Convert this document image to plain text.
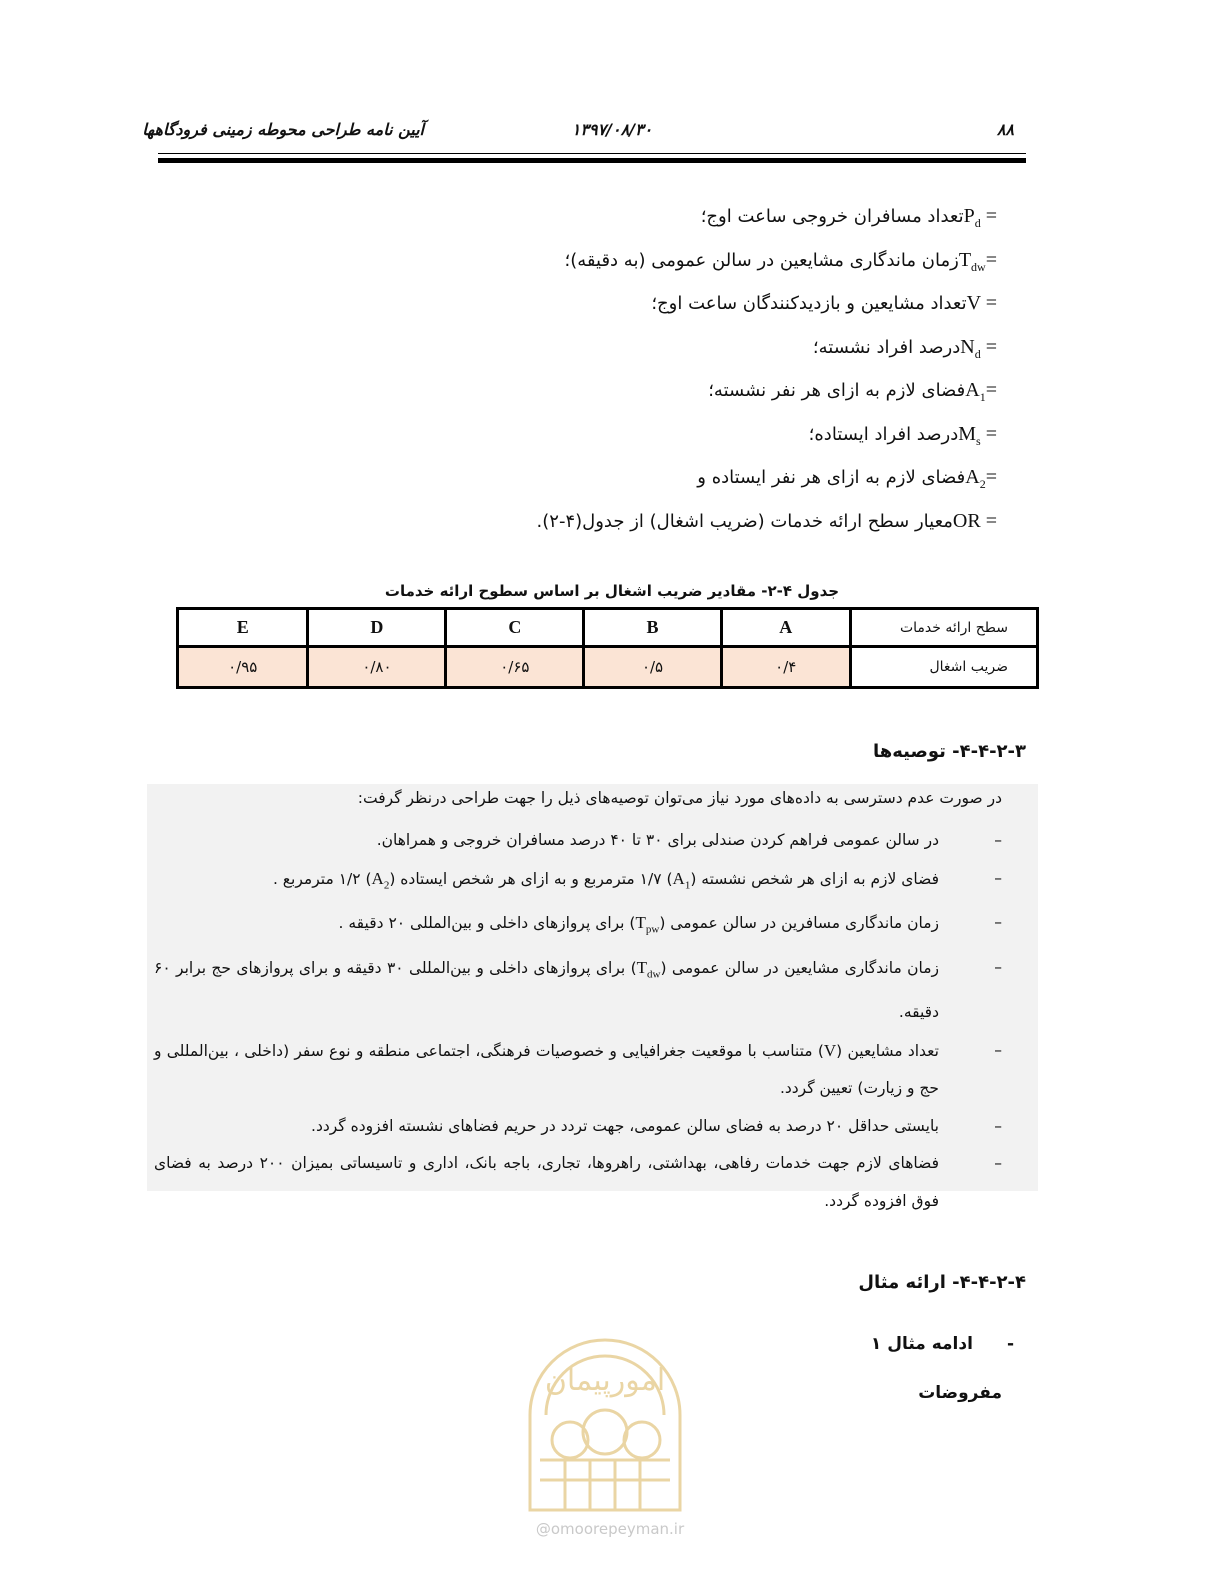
آیین نامه طراحی محوطه زمینی فرودگاهها	۱۳۹۷/۰۸/۳۰	۸۸
$P_d$ = تعداد مسافران خروجی ساعت اوج؛
$T_{dw}=$ زمان ماندگاری مشایعین در سالن عمومی (به دقیقه)؛
V = تعداد مشایعین و بازدیدکنندگان ساعت اوج؛
$N_d$ = درصد افراد نشسته؛
$A_1=$ فضای لازم به ازای هر نفر نشسته؛
$M_s$ = درصد افراد ایستاده؛
$A_2=$ فضای لازم به ازای هر نفر ایستاده و
OR = معیار سطح ارائه خدمات (ضریب اشغال) از جدول(۴-۲).
جدول ۴-۲- مقادیر ضریب اشغال بر اساس سطوح ارائه خدمات
سطح ارائه خدمات	A	B	C	D	E
ضریب اشغال	۰/۴	۰/۵	۰/۶۵	۰/۸۰	۰/۹۵
۴-۴-۲-۳- توصیه‌ها
در صورت عدم دسترسی به داده‌های مورد نیاز می‌توان توصیه‌های ذیل را جهت طراحی درنظر گرفت:
–
در سالن عمومی فراهم کردن صندلی برای ۳۰ تا ۴۰ درصد مسافران خروجی و همراهان.
–
فضای لازم به ازای هر شخص نشسته $(A_1)$ ۱/۷ مترمربع و به ازای هر شخص ایستاده $(A_2)$ ۱/۲ مترمربع .
–
زمان ماندگاری مسافرین در سالن عمومی $(T_{pw})$ برای پروازهای داخلی و بین‌المللی ۲۰ دقیقه .
–
زمان ماندگاری مشایعین در سالن عمومی $(T_{dw})$ برای پروازهای داخلی و بین‌المللی ۳۰ دقیقه و برای پروازهای حج برابر ۶۰ دقیقه.
–
تعداد مشایعین (V) متناسب با موقعیت جغرافیایی و خصوصیات فرهنگی، اجتماعی منطقه و نوع سفر (داخلی ، بین‌المللی و حج و زیارت) تعیین گردد.
–
بایستی حداقل ۲۰ درصد به فضای سالن عمومی، جهت تردد در حریم فضاهای نشسته افزوده گردد.
–
فضاهای لازم جهت خدمات رفاهی، بهداشتی، راهروها، تجاری، باجه بانک، اداری و تاسیساتی بمیزان ۲۰۰ درصد به فضای فوق افزوده گردد.
۴-۴-۲-۴- ارائه مثال
-ادامه مثال ۱
مفروضات
امورپیمان
@omoorepeyman.ir
